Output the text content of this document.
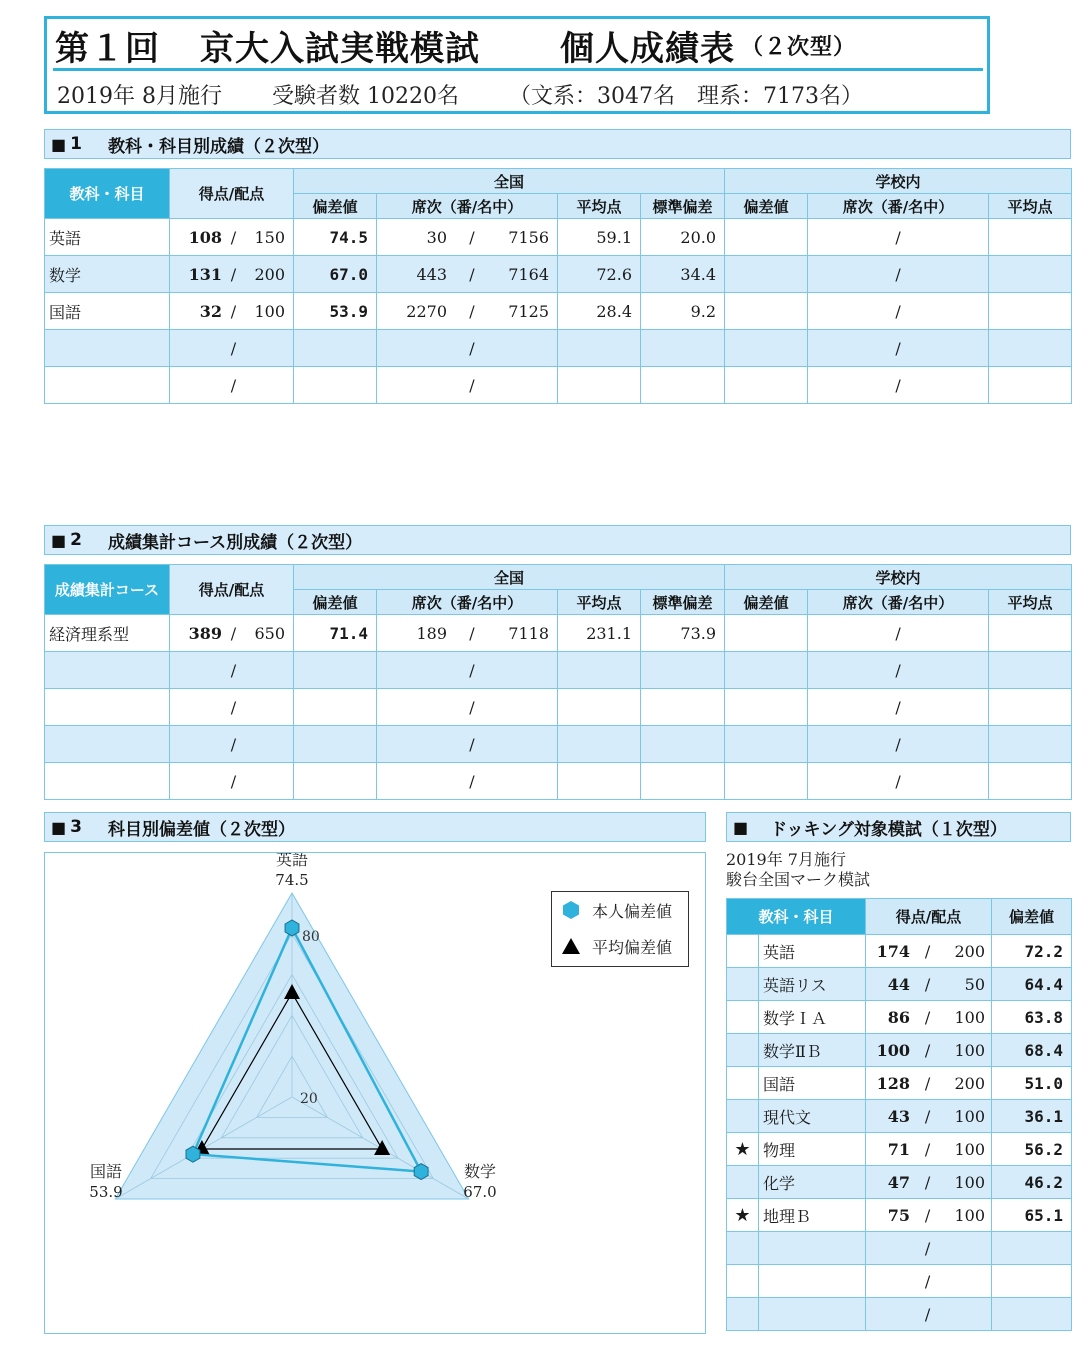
第１回 京大入試実戦模試 個人成績表 （２次型）
2019年 8月施行 受験者数 10220名 （文系：3047名　理系：7173名）
■ 1 教科・科目別成績（２次型）
教科・科目	得点/配点	全国				学校内		
		偏差値	席次（番/名中）	平均点	標準偏差	偏差値	席次（番/名中）	平均点
英語	108 / 150	74.5	30 / 7156	59.1	20.0		/	
数学	131 / 200	67.0	443 / 7164	72.6	34.4		/	
国語	32 / 100	53.9	2270 / 7125	28.4	9.2		/	

	/		/				/	

	/		/				/	
■ 2 成績集計コース別成績（２次型）
成績集計コース	得点/配点	全国				学校内		
		偏差値	席次（番/名中）	平均点	標準偏差	偏差値	席次（番/名中）	平均点
経済理系型	389 / 650	71.4	189 / 7118	231.1	73.9		/	

	/		/				/	

	/		/				/	

	/		/				/	

	/		/				/	
■ 3 科目別偏差値（２次型）
80
20
英語
74.5
数学
67.0
国語
53.9
本人偏差値
平均偏差値
■ ドッキング対象模試（１次型）
2019年 7月施行
駿台全国マーク模試
教科・科目		得点/配点	偏差値
	英語	174 / 200	72.2
	英語リス	44 / 50	64.4
	数学ＩＡ	86 / 100	63.8
	数学ⅡＢ	100 / 100	68.4
	国語	128 / 200	51.0
	現代文	43 / 100	36.1
★	物理	71 / 100	56.2
	化学	47 / 100	46.2
★	地理Ｂ	75 / 100	65.1

		/	

		/	

		/	
